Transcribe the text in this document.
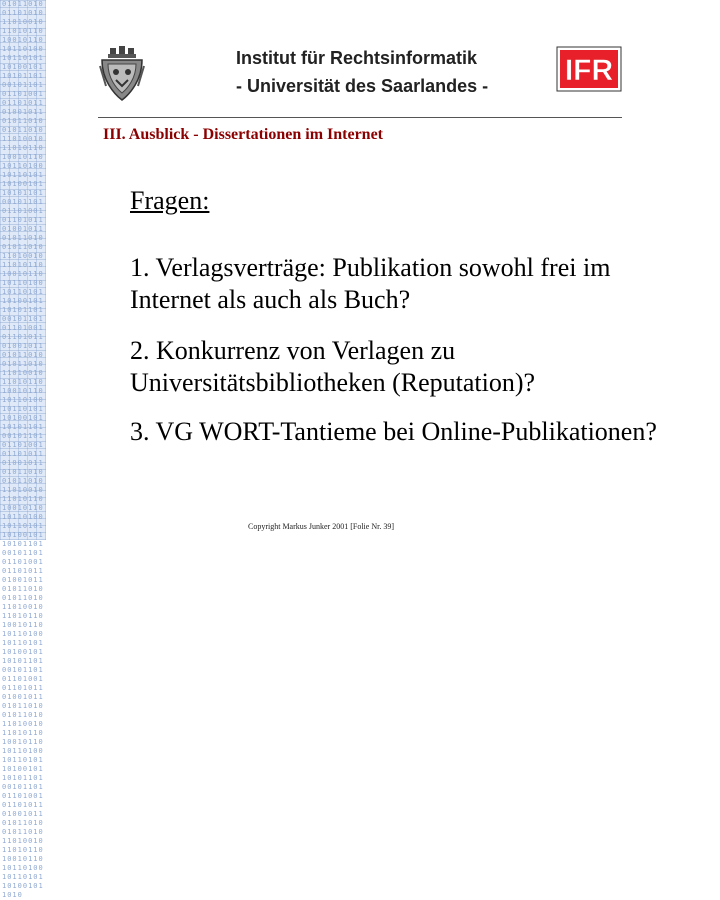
0101101001101010110100101101011010010110101101001011010110100101101011010010110101101001011010110100101101011010010110101101001011010110100101101011010010110101101001011010110100101101011010010110101101001011010110100101101011010010110101101001011010110100101101011010010110101101001011010110100101101011010010110101101001011010110100101101011010010110101101001011010110100101101011010010110101101001011010110100101101011010010110101101001011010110100101101011010010110101101001011010110100101101011010010110101101001011010110100101101011010010110101101001011010110100101101011010010110101101001011010110100101101011010010110101101001011010110100101101011010010110101101001011010110100101101011010010110101101001011010110100101101011010010110101101001011010110100101101011010010110101101001011010
Institut für Rechtsinformatik
- Universität des Saarlandes -	IFR
III. Ausblick - Dissertationen im Internet
Fragen:
1. Verlagsverträge: Publikation sowohl frei im Internet als auch als Buch?
2. Konkurrenz von Verlagen zu Universitätsbibliotheken (Reputation)?
3. VG WORT-Tantieme bei Online-Publikationen?
Copyright Markus Junker 2001 [Folie Nr. 39]
